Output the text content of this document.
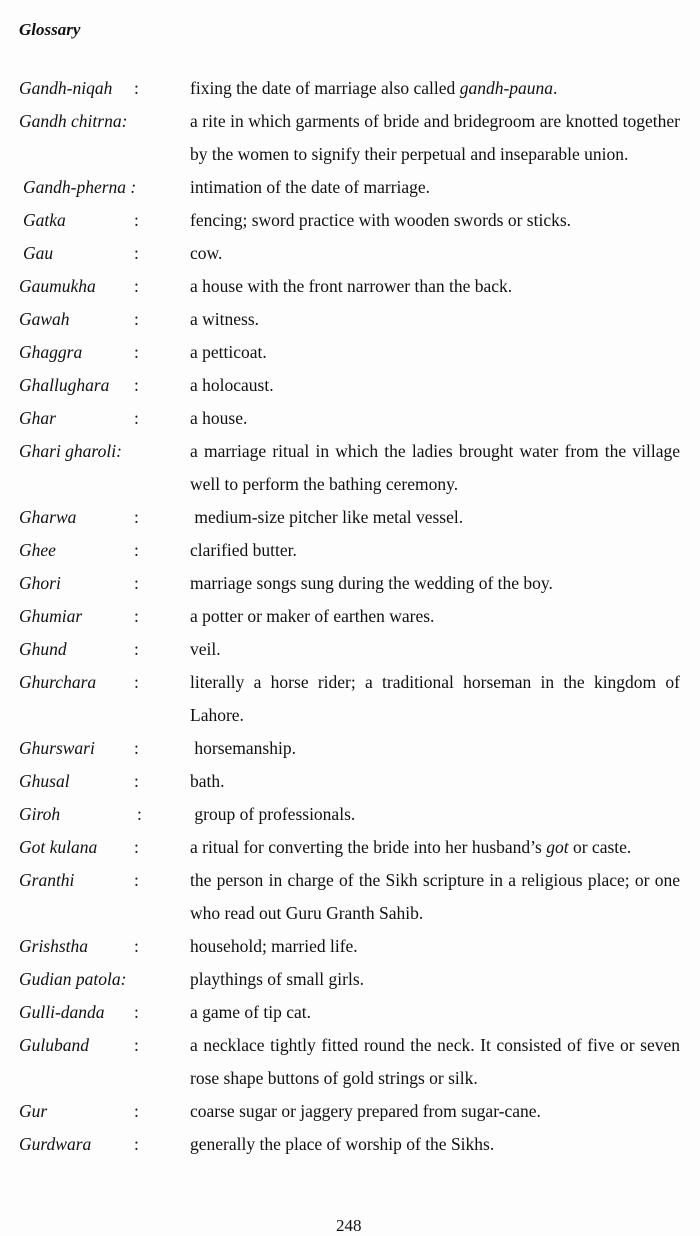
Glossary
Gandh-niqah :	fixing the date of marriage also called gandh-pauna.
Gandh chitrna:	a rite in which garments of bride and bridegroom are knotted together by the women to signify their perpetual and inseparable union.
Gandh-pherna :	intimation of the date of marriage.
Gatka	:	fencing; sword practice with wooden swords or sticks.
Gau	:	cow.
Gaumukha :	a house with the front narrower than the back.
Gawah	:	a witness.
Ghaggra	:	a petticoat.
Ghallughara :	a holocaust.
Ghar	:	a house.
Ghari gharoli:	a marriage ritual in which the ladies brought water from the village well to perform the bathing ceremony.
Gharwa	:	medium-size pitcher like metal vessel.
Ghee	:	clarified butter.
Ghori	:	marriage songs sung during the wedding of the boy.
Ghumiar	:	a potter or maker of earthen wares.
Ghund	:	veil.
Ghurchara :	literally a horse rider; a traditional horseman in the kingdom of Lahore.
Ghurswari :	horsemanship.
Ghusal	:	bath.
Giroh	:	group of professionals.
Got kulana :	a ritual for converting the bride into her husband’s got or caste.
Granthi	:	the person in charge of the Sikh scripture in a religious place; or one who read out Guru Granth Sahib.
Grishstha	:	household; married life.
Gudian patola:	playthings of small girls.
Gulli-danda :	a game of tip cat.
Guluband	:	a necklace tightly fitted round the neck. It consisted of five or seven rose shape buttons of gold strings or silk.
Gur	:	coarse sugar or jaggery prepared from sugar-cane.
Gurdwara :	generally the place of worship of the Sikhs.
248
